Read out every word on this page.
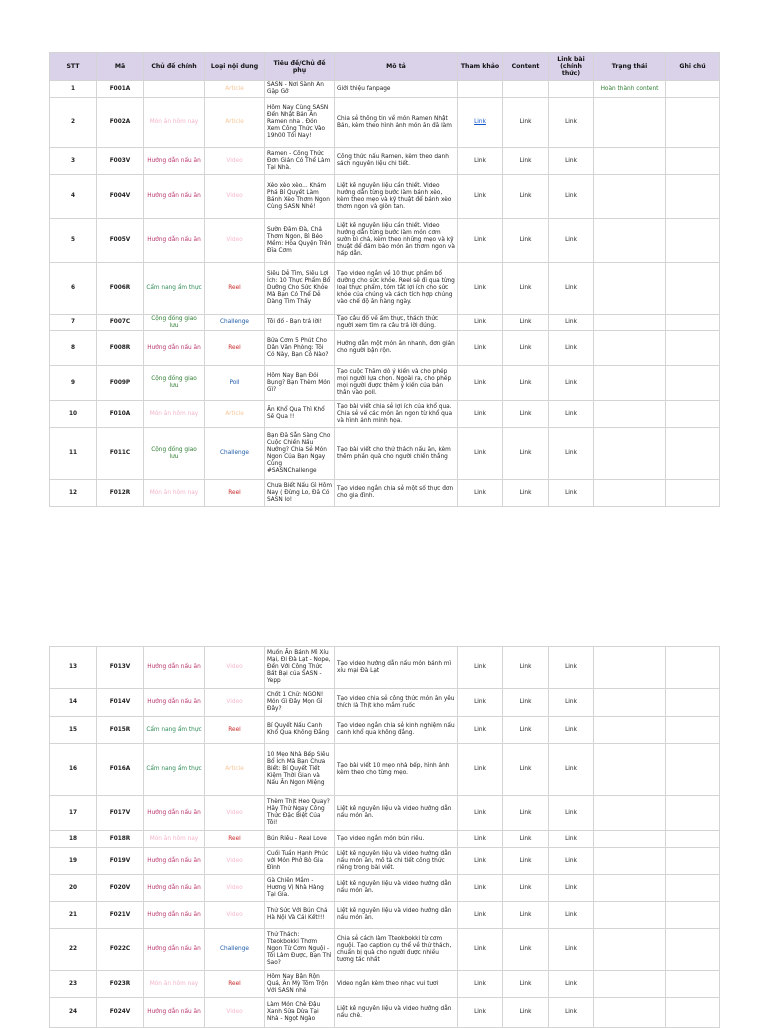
STT	Mã	Chủ đề chính	Loại nội dung	Tiêu đề/Chủ đề phụ	Mô tả	Tham khảo	Content	Link bài (chính thức)	Trạng thái	Ghi chú
1	F001A		Article	SASN - Nơi Sành Ăn Gặp Gỡ	Giới thiệu fanpage				Hoàn thành content	
2	F002A	Món ăn hôm nay	Article	Hôm Nay Cùng SASN Đến Nhật Bản Ăn Ramen nha . Đón Xem Công Thức Vào 19h00 Tối Nay!	Chia sẻ thông tin về món Ramen Nhật Bản, kèm theo hình ảnh món ăn đã làm	Link	Link	Link		
3	F003V	Hướng dẫn nấu ăn	Video	Ramen - Công Thức Đơn Giản Có Thể Làm Tại Nhà.	Công thức nấu Ramen, kèm theo danh sách nguyên liệu chi tiết.	Link	Link	Link		
4	F004V	Hướng dẫn nấu ăn	Video	Xèo xèo xèo... Khám Phá Bí Quyết Làm Bánh Xèo Thơm Ngon Cùng SASN Nhé!	Liệt kê nguyên liệu cần thiết. Video hướng dẫn từng bước làm bánh xèo, kèm theo mẹo và kỹ thuật để bánh xèo thơm ngon và giòn tan.	Link	Link	Link		
5	F005V	Hướng dẫn nấu ăn	Video	Sườn Đăm Đà, Chả Thơm Ngon, Bì Béo Mềm: Hòa Quyện Trên Đĩa Cơm	Liệt kê nguyên liệu cần thiết. Video hướng dẫn từng bước làm món cơm sườn bì chả, kèm theo những mẹo và kỹ thuật để đảm bảo món ăn thơm ngon và hấp dẫn.	Link	Link	Link		
6	F006R	Cẩm nang ẩm thực	Reel	Siêu Dễ Tìm, Siêu Lợi Ích: 10 Thực Phẩm Bổ Dưỡng Cho Sức Khỏe Mà Bạn Có Thể Dễ Dàng Tìm Thấy	Tạo video ngắn về 10 thực phẩm bổ dưỡng cho sức khỏe. Reel sẽ đi qua từng loại thực phẩm, tóm tắt lợi ích cho sức khỏe của chúng và cách tích hợp chúng vào chế độ ăn hàng ngày.	Link	Link	Link		
7	F007C	Cộng đồng giao lưu	Challenge	Tôi đố - Bạn trả lời!	Tạo câu đố về ẩm thực, thách thức người xem tìm ra câu trả lời đúng.	Link	Link	Link		
8	F008R	Hướng dẫn nấu ăn	Reel	Bữa Cơm 5 Phút Cho Dân Văn Phòng: Tôi Có Này, Bạn Có Nào?	Hướng dẫn một món ăn nhanh, đơn giản cho người bận rộn.	Link	Link	Link		
9	F009P	Cộng đồng giao lưu	Poll	Hôm Nay Bạn Đói Bụng? Bạn Thèm Món Gì?	Tạo cuộc Thăm dò ý kiến và cho phép mọi người lựa chọn. Ngoài ra, cho phép mọi người được thêm ý kiến của bản thân vào poll.	Link	Link	Link		
10	F010A	Món ăn hôm nay	Article	Ăn Khổ Qua Thì Khổ Sẽ Qua !!	Tạo bài viết chia sẻ lợi ích của khổ qua. Chia sẻ về các món ăn ngon từ khổ qua và hình ảnh minh họa.	Link	Link	Link		
11	F011C	Cộng đồng giao lưu	Challenge	Bạn Đã Sẵn Sàng Cho Cuộc Chiến Nấu Nướng? Chia Sẻ Món Ngon Của Bạn Ngay Cùng #SASNChallenge	Tạo bài viết cho thử thách nấu ăn, kèm thêm phần quà cho người chiến thắng	Link	Link	Link		
12	F012R	Món ăn hôm nay	Reel	Chưa Biết Nấu Gì Hôm Nay ( Đừng Lo, Đã Có SASN lo!	Tạo video ngắn chia sẻ một số thực đơn cho gia đình.	Link	Link	Link		
13	F013V	Hướng dẫn nấu ăn	Video	Muốn Ăn Bánh Mì Xíu Mại, Đi Đà Lạt - Nope, Đến Với Công Thức Bất Bại của SASN - Yepp	Tạo video hướng dẫn nấu món bánh mì xíu mại Đà Lạt	Link	Link	Link		
14	F014V	Hướng dẫn nấu ăn	Video	Chốt 1 Chữ: NGON! Món Gì Đây Mọn Gì Đây?	Tạo video chia sẻ công thức món ăn yêu thích là Thịt kho mắm ruốc	Link	Link	Link		
15	F015R	Cẩm nang ẩm thực	Reel	Bí Quyết Nấu Canh Khổ Qua Không Đắng	Tạo video ngắn chia sẻ kinh nghiệm nấu canh khổ qua không đắng.	Link	Link	Link		
16	F016A	Cẩm nang ẩm thực	Article	10 Mẹo Nhà Bếp Siêu Bổ Ích Mà Bạn Chưa Biết: Bí Quyết Tiết Kiệm Thời Gian và Nấu Ăn Ngon Miệng	Tạo bài viết 10 mẹo nhà bếp, hình ảnh kèm theo cho từng mẹo.	Link	Link	Link		
17	F017V	Hướng dẫn nấu ăn	Video	Thèm Thịt Heo Quay? Hãy Thử Ngay Công Thức Đặc Biệt Của Tôi!	Liệt kê nguyên liệu và video hướng dẫn nấu món ăn.	Link	Link	Link		
18	F018R	Món ăn hôm nay	Reel	Bún Riêu - Real Love	Tạo video ngắn món bún riêu.	Link	Link	Link		
19	F019V	Hướng dẫn nấu ăn	Video	Cuối Tuần Hạnh Phúc với Món Phở Bò Gia Đình	Liệt kê nguyên liệu và video hướng dẫn nấu món ăn, mô tả chi tiết công thức riêng trong bài viết.	Link	Link	Link		
20	F020V	Hướng dẫn nấu ăn	Video	Gà Chiên Mắm - Hương Vị Nhà Hàng Tại Gia.	Liệt kê nguyên liệu và video hướng dẫn nấu món ăn.	Link	Link	Link		
21	F021V	Hướng dẫn nấu ăn	Video	Thử Sức Với Bún Chả Hà Nội Và Cái Kết!!!	Liệt kê nguyên liệu và video hướng dẫn nấu món ăn.	Link	Link	Link		
22	F022C	Hướng dẫn nấu ăn	Challenge	Thử Thách: Tteokbokki Thơm Ngon Từ Cơm Nguội - Tôi Làm Được, Bạn Thì Sao?	Chia sẻ cách làm Tteokbokki từ cơm nguội. Tạo caption cụ thể về thử thách, chuẩn bị quà cho người được nhiều tương tác nhất	Link	Link	Link		
23	F023R	Món ăn hôm nay	Reel	Hôm Nay Bận Rộn Quá, Ăn Mỳ Tôm Trộn Với SASN nhé	Video ngắn kèm theo nhạc vui tươi	Link	Link	Link		
24	F024V	Hướng dẫn nấu ăn	Video	Làm Món Chè Đậu Xanh Sữa Dừa Tại Nhà - Ngọt Ngào	Liệt kê nguyên liệu và video hướng dẫn nấu chè.	Link	Link	Link		
